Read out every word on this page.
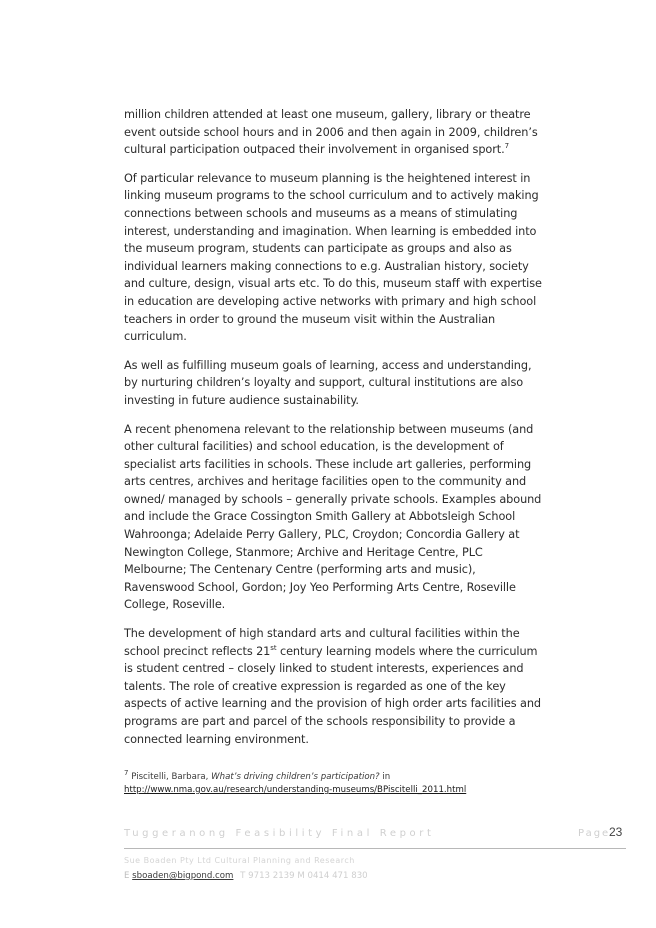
million children attended at least one museum, gallery, library or theatre event outside school hours and in 2006 and then again in 2009, children’s cultural participation outpaced their involvement in organised sport.$^7$

Of particular relevance to museum planning is the heightened interest in linking museum programs to the school curriculum and to actively making connections between schools and museums as a means of stimulating interest, understanding and imagination. When learning is embedded into the museum program, students can participate as groups and also as individual learners making connections to e.g. Australian history, society and culture, design, visual arts etc. To do this, museum staff with expertise in education are developing active networks with primary and high school teachers in order to ground the museum visit within the Australian curriculum.

As well as fulfilling museum goals of learning, access and understanding, by nurturing children’s loyalty and support, cultural institutions are also investing in future audience sustainability.

A recent phenomena relevant to the relationship between museums (and other cultural facilities) and school education, is the development of specialist arts facilities in schools. These include art galleries, performing arts centres, archives and heritage facilities open to the community and owned/ managed by schools – generally private schools. Examples abound and include the Grace Cossington Smith Gallery at Abbotsleigh School Wahroonga; Adelaide Perry Gallery, PLC, Croydon; Concordia Gallery at Newington College, Stanmore; Archive and Heritage Centre, PLC Melbourne; The Centenary Centre (performing arts and music), Ravenswood School, Gordon; Joy Yeo Performing Arts Centre, Roseville College, Roseville.

The development of high standard arts and cultural facilities within the school precinct reflects 21st century learning models where the curriculum is student centred – closely linked to student interests, experiences and talents. The role of creative expression is regarded as one of the key aspects of active learning and the provision of high order arts facilities and programs are part and parcel of the schools responsibility to provide a connected learning environment.

$^7$ Piscitelli, Barbara, What’s driving children’s participation? in
http://www.nma.gov.au/research/understanding-museums/BPiscitelli_2011.html
Tuggeranong Feasibility Final Report	Page
23
Sue Boaden Pty Ltd Cultural Planning and Research
E sboaden@bigpond.com T 9713 2139 M 0414 471 830
